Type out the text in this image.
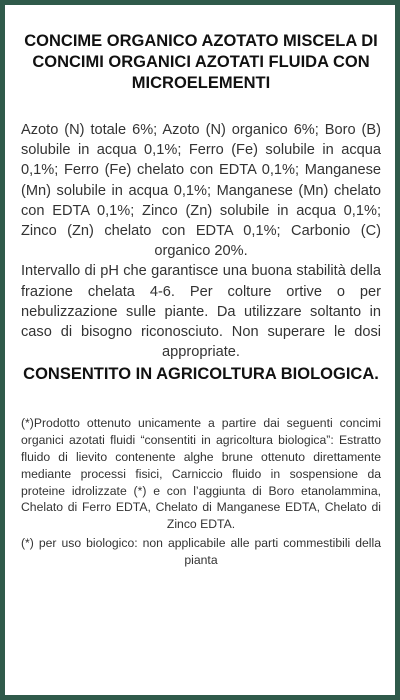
CONCIME ORGANICO AZOTATO MISCELA DI CONCIMI ORGANICI AZOTATI FLUIDA CON MICROELEMENTI

Azoto (N) totale 6%; Azoto (N) organico 6%; Boro (B) solubile in acqua 0,1%; Ferro (Fe) solubile in acqua 0,1%; Ferro (Fe) chelato con EDTA 0,1%; Manganese (Mn) solubile in acqua 0,1%; Manganese (Mn) chelato con EDTA 0,1%; Zinco (Zn) solubile in acqua 0,1%; Zinco (Zn) chelato con EDTA 0,1%; Carbonio (C) organico 20%.

Intervallo di pH che garantisce una buona stabilità della frazione chelata 4-6. Per colture ortive o per nebulizzazione sulle piante. Da utilizzare soltanto in caso di bisogno riconosciuto. Non superare le dosi appropriate.

CONSENTITO IN AGRICOLTURA BIOLOGICA.

(*)Prodotto ottenuto unicamente a partire dai seguenti concimi organici azotati fluidi “consentiti in agricoltura biologica”: Estratto fluido di lievito contenente alghe brune ottenuto direttamente mediante processi fisici, Carniccio fluido in sospensione da proteine idrolizzate (*) e con l’aggiunta di Boro etanolammina, Chelato di Ferro EDTA, Chelato di Manganese EDTA, Chelato di Zinco EDTA.

(*) per uso biologico: non applicabile alle parti commestibili della pianta
